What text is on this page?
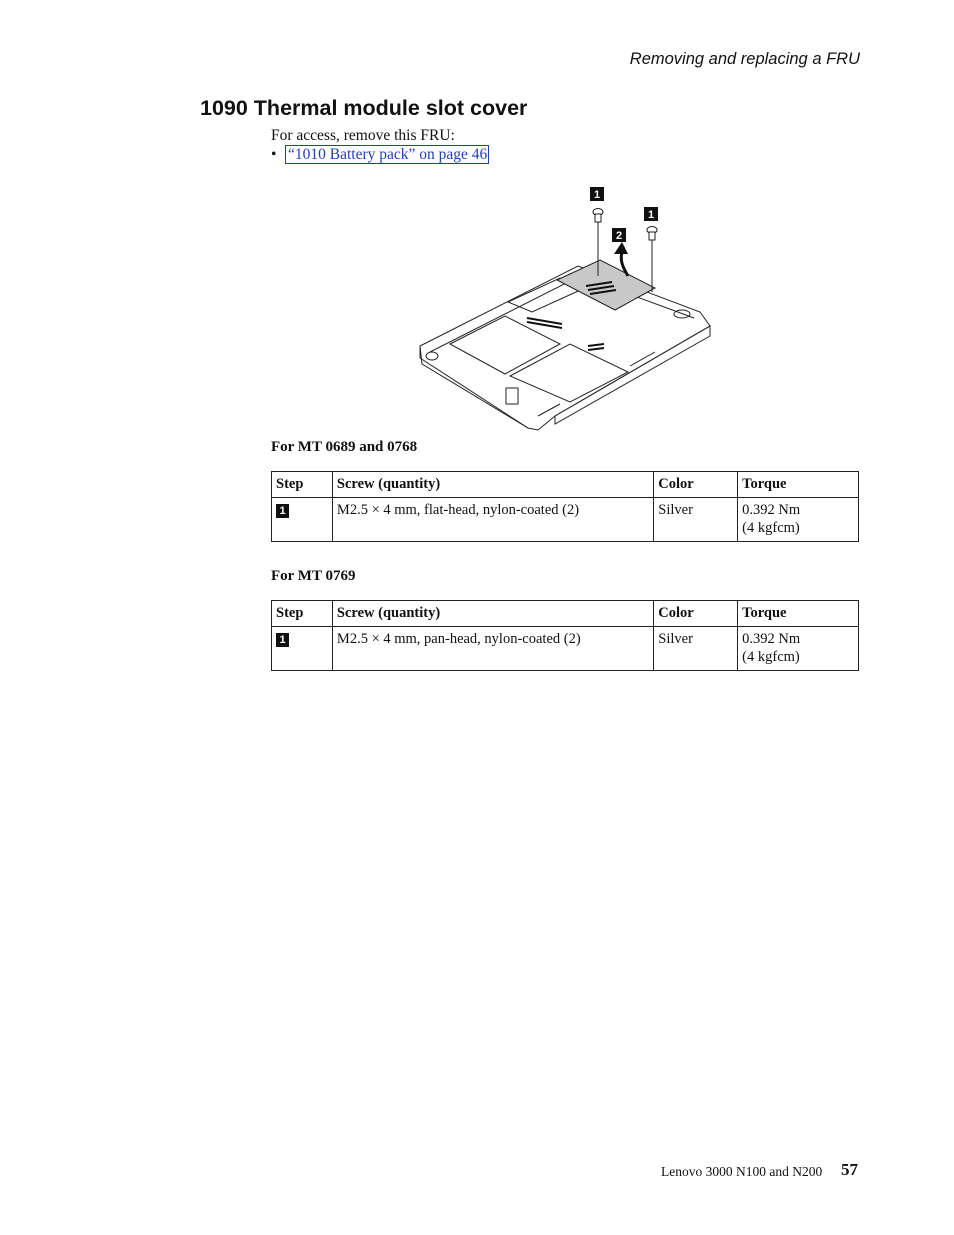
Removing and replacing a FRU
1090 Thermal module slot cover
For access, remove this FRU:
• “1010 Battery pack” on page 46
1
1
2
For MT 0689 and 0768
Step	Screw (quantity)	Color	Torque
1	M2.5 × 4 mm, flat-head, nylon-coated (2)	Silver	0.392 Nm
(4 kgfcm)
For MT 0769
Step	Screw (quantity)	Color	Torque
1	M2.5 × 4 mm, pan-head, nylon-coated (2)	Silver	0.392 Nm
(4 kgfcm)
Lenovo 3000 N100 and N200 57
